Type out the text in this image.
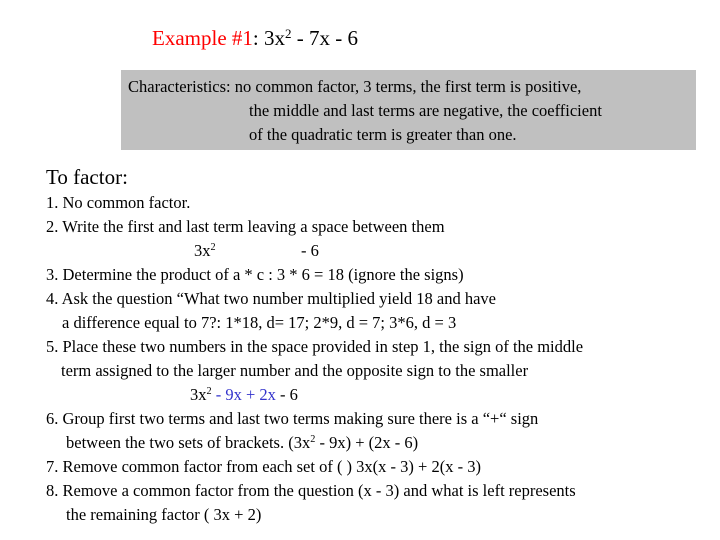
Example #1: $3x^2 - 7x - 6$
Characteristics: no common factor, 3 terms, the first term is positive,
the middle and last terms are negative, the coefficient
of the quadratic term is greater than one.
To factor:
1. No common factor.
2. Write the first and last term leaving a space between them
$3x^2$	- 6
3. Determine the product of a * c : 3 * 6 = 18 (ignore the signs)
4. Ask the question “What two number multiplied yield 18 and have
a difference equal to 7?: 1*18, d= 17; 2*9, d = 7; 3*6, d = 3
5. Place these two numbers in the space provided in step 1, the sign of the middle
term assigned to the larger number and the opposite sign to the smaller
$3x^2 - 9x + 2x - 6$
6. Group first two terms and last two terms making sure there is a “+“ sign
between the two sets of brackets. $(3x^2 - 9x) + (2x - 6)$
7. Remove common factor from each set of ( ) 3x(x - 3) + 2(x - 3)
8. Remove a common factor from the question (x - 3) and what is left represents
the remaining factor ( 3x + 2)
